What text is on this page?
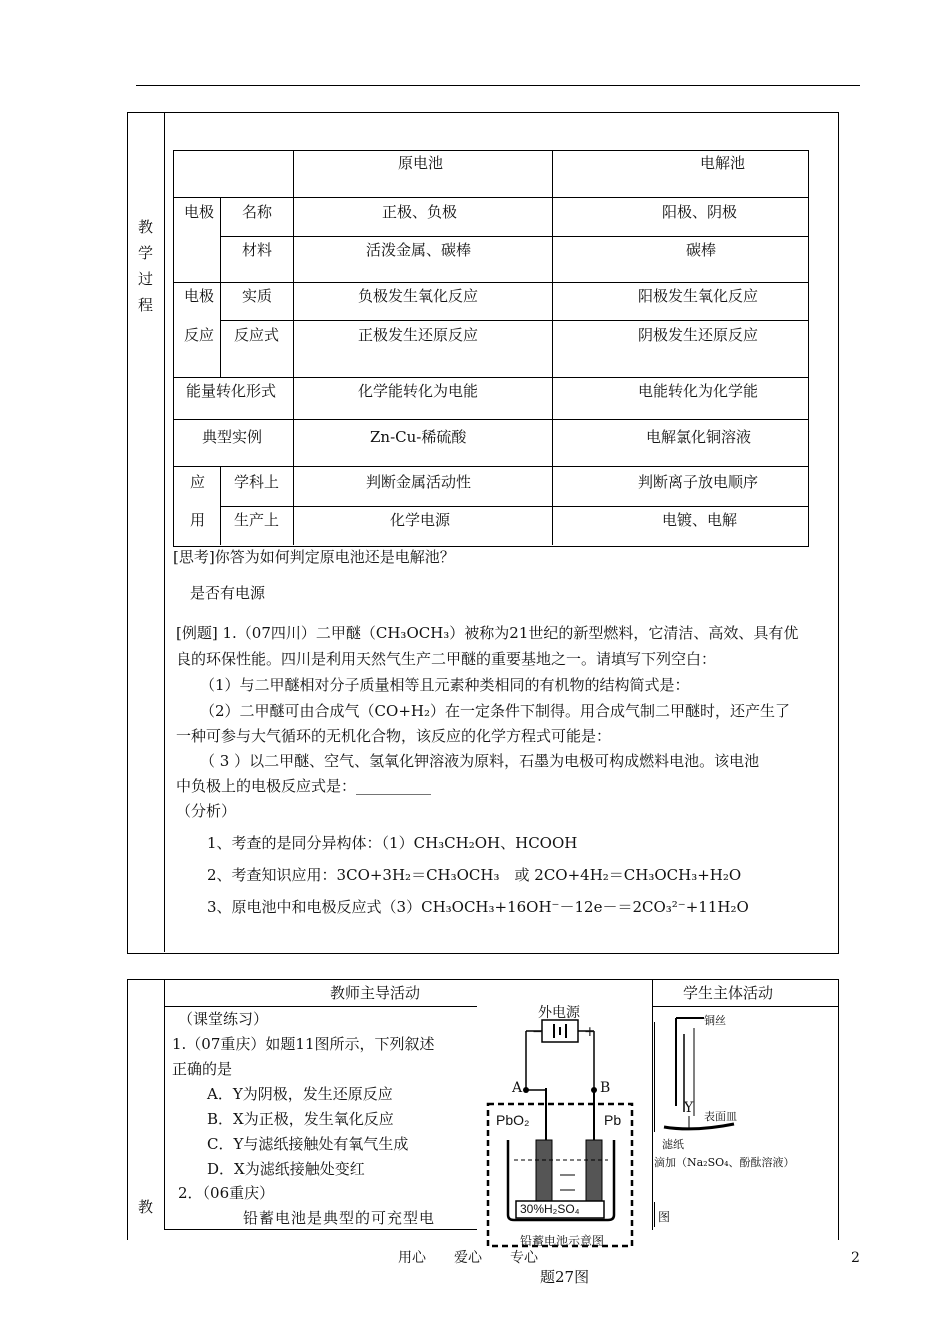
教
学
过
程
原电池	电解池
电极 名称	正极、负极	阳极、阴极
材料	活泼金属、碳棒	碳棒
电极 实质	负极发生氧化反应	阳极发生氧化反应
反应 反应式	正极发生还原反应	阴极发生还原反应
能量转化形式	化学能转化为电能	电能转化为化学能
典型实例	Zn-Cu-稀硫酸	电解氯化铜溶液
应 学科上	判断金属活动性	判断离子放电顺序
用 生产上	化学电源	电镀、电解
[思考]你答为如何判定原电池还是电解池？
是否有电源
[例题] 1.（07四川）二甲醚（CH₃OCH₃）被称为21世纪的新型燃料，它清洁、高效、具有优
良的环保性能。四川是利用天然气生产二甲醚的重要基地之一。请填写下列空白：
（1）与二甲醚相对分子质量相等且元素种类相同的有机物的结构简式是：
（2）二甲醚可由合成气（CO+H₂）在一定条件下制得。用合成气制二甲醚时，还产生了
一种可参与大气循环的无机化合物，该反应的化学方程式可能是：
（ 3 ）以二甲醚、空气、氢氧化钾溶液为原料，石墨为电极可构成燃料电池。该电池
中负极上的电极反应式是：__________
（分析）
1、考查的是同分异构体：（1）CH₃CH₂OH、HCOOH
2、考查知识应用：3CO+3H₂＝CH₃OCH₃　或 2CO+4H₂＝CH₃OCH₃+H₂O
3、原电池中和电极反应式（3）CH₃OCH₃+16OH⁻－12e－＝2CO₃²⁻+11H₂O
教
教师主导活动	学生主体活动
（课堂练习）
1.（07重庆）如题11图所示，下列叙述
正确的是
A．Y为阴极，发生还原反应
B．X为正极，发生氧化反应
C．Y与滤纸接触处有氧气生成
D．X为滤纸接触处变红
2．（06重庆）
铅蓄电池是典型的可充型电
外电源
−	+
A	B
PbO₂	Pb
30%H₂SO₄
铅蓄电池示意图
题27图
铜丝
Y
表面皿
滤纸
滴加（Na₂SO₄、酚酞溶液）
图
用心　　爱心　　专心	2
